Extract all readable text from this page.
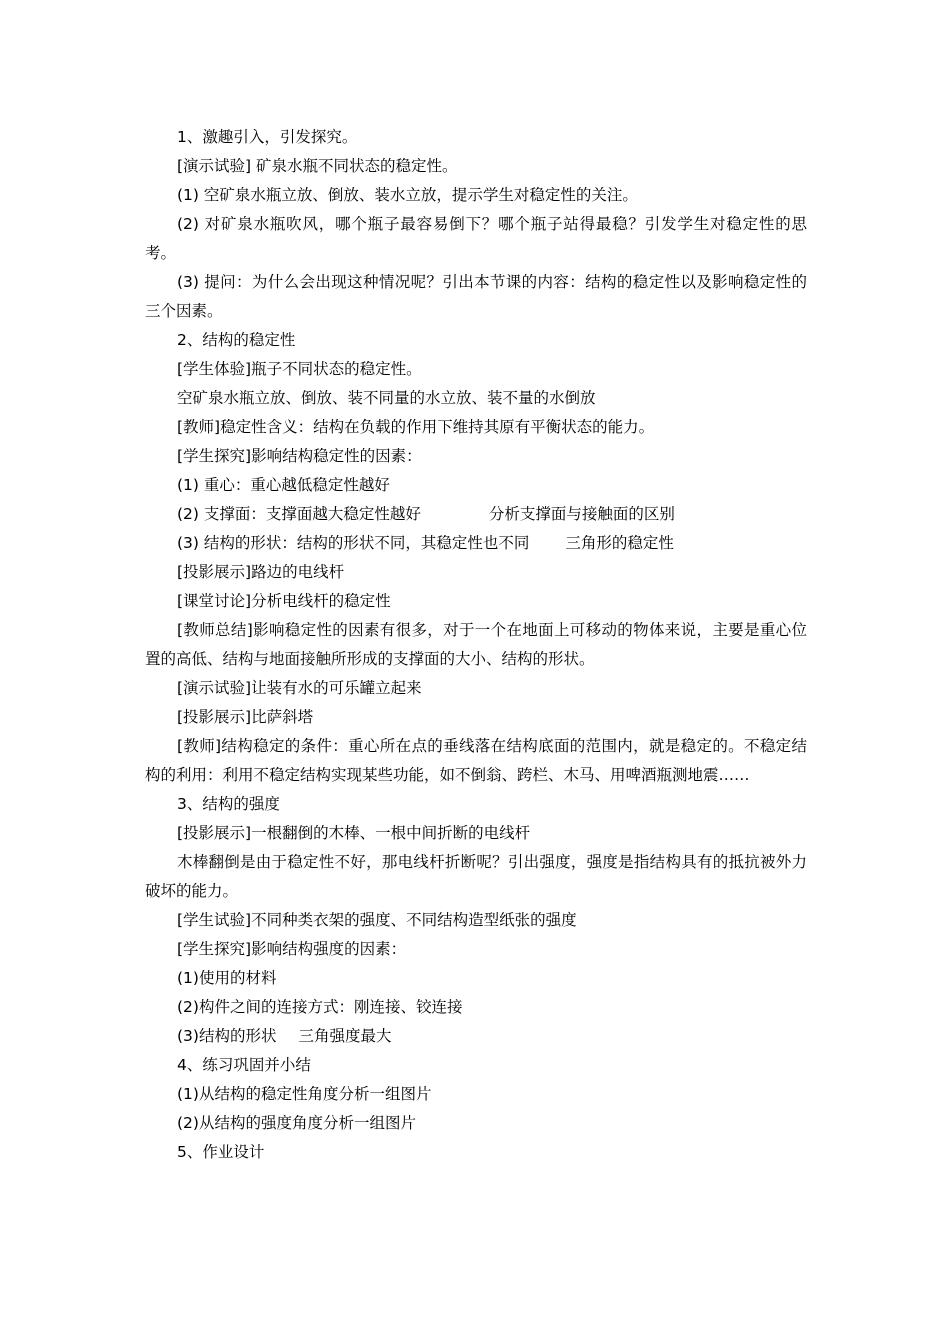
1、激趣引入，引发探究。

[演示试验] 矿泉水瓶不同状态的稳定性。

(1) 空矿泉水瓶立放、倒放、装水立放，提示学生对稳定性的关注。

(2) 对矿泉水瓶吹风，哪个瓶子最容易倒下？哪个瓶子站得最稳？引发学生对稳定性的思考。

(3) 提问：为什么会出现这种情况呢？引出本节课的内容：结构的稳定性以及影响稳定性的三个因素。

2、结构的稳定性

[学生体验]瓶子不同状态的稳定性。

空矿泉水瓶立放、倒放、装不同量的水立放、装不量的水倒放

[教师]稳定性含义：结构在负载的作用下维持其原有平衡状态的能力。

[学生探究]影响结构稳定性的因素：

(1) 重心：重心越低稳定性越好

(2) 支撑面：支撑面越大稳定性越好	分析支撑面与接触面的区别
(3) 结构的形状：结构的形状不同，其稳定性也不同 三角形的稳定性

[投影展示]路边的电线杆

[课堂讨论]分析电线杆的稳定性

[教师总结]影响稳定性的因素有很多，对于一个在地面上可移动的物体来说，主要是重心位置的高低、结构与地面接触所形成的支撑面的大小、结构的形状。

[演示试验]让装有水的可乐罐立起来

[投影展示]比萨斜塔

[教师]结构稳定的条件：重心所在点的垂线落在结构底面的范围内，就是稳定的。不稳定结构的利用：利用不稳定结构实现某些功能，如不倒翁、跨栏、木马、用啤酒瓶测地震……

3、结构的强度

[投影展示]一根翻倒的木棒、一根中间折断的电线杆

木棒翻倒是由于稳定性不好，那电线杆折断呢？引出强度，强度是指结构具有的抵抗被外力破坏的能力。

[学生试验]不同种类衣架的强度、不同结构造型纸张的强度

[学生探究]影响结构强度的因素：

(1)使用的材料

(2)构件之间的连接方式：刚连接、铰连接

(3)结构的形状 三角强度最大

4、练习巩固并小结

(1)从结构的稳定性角度分析一组图片

(2)从结构的强度角度分析一组图片

5、作业设计
